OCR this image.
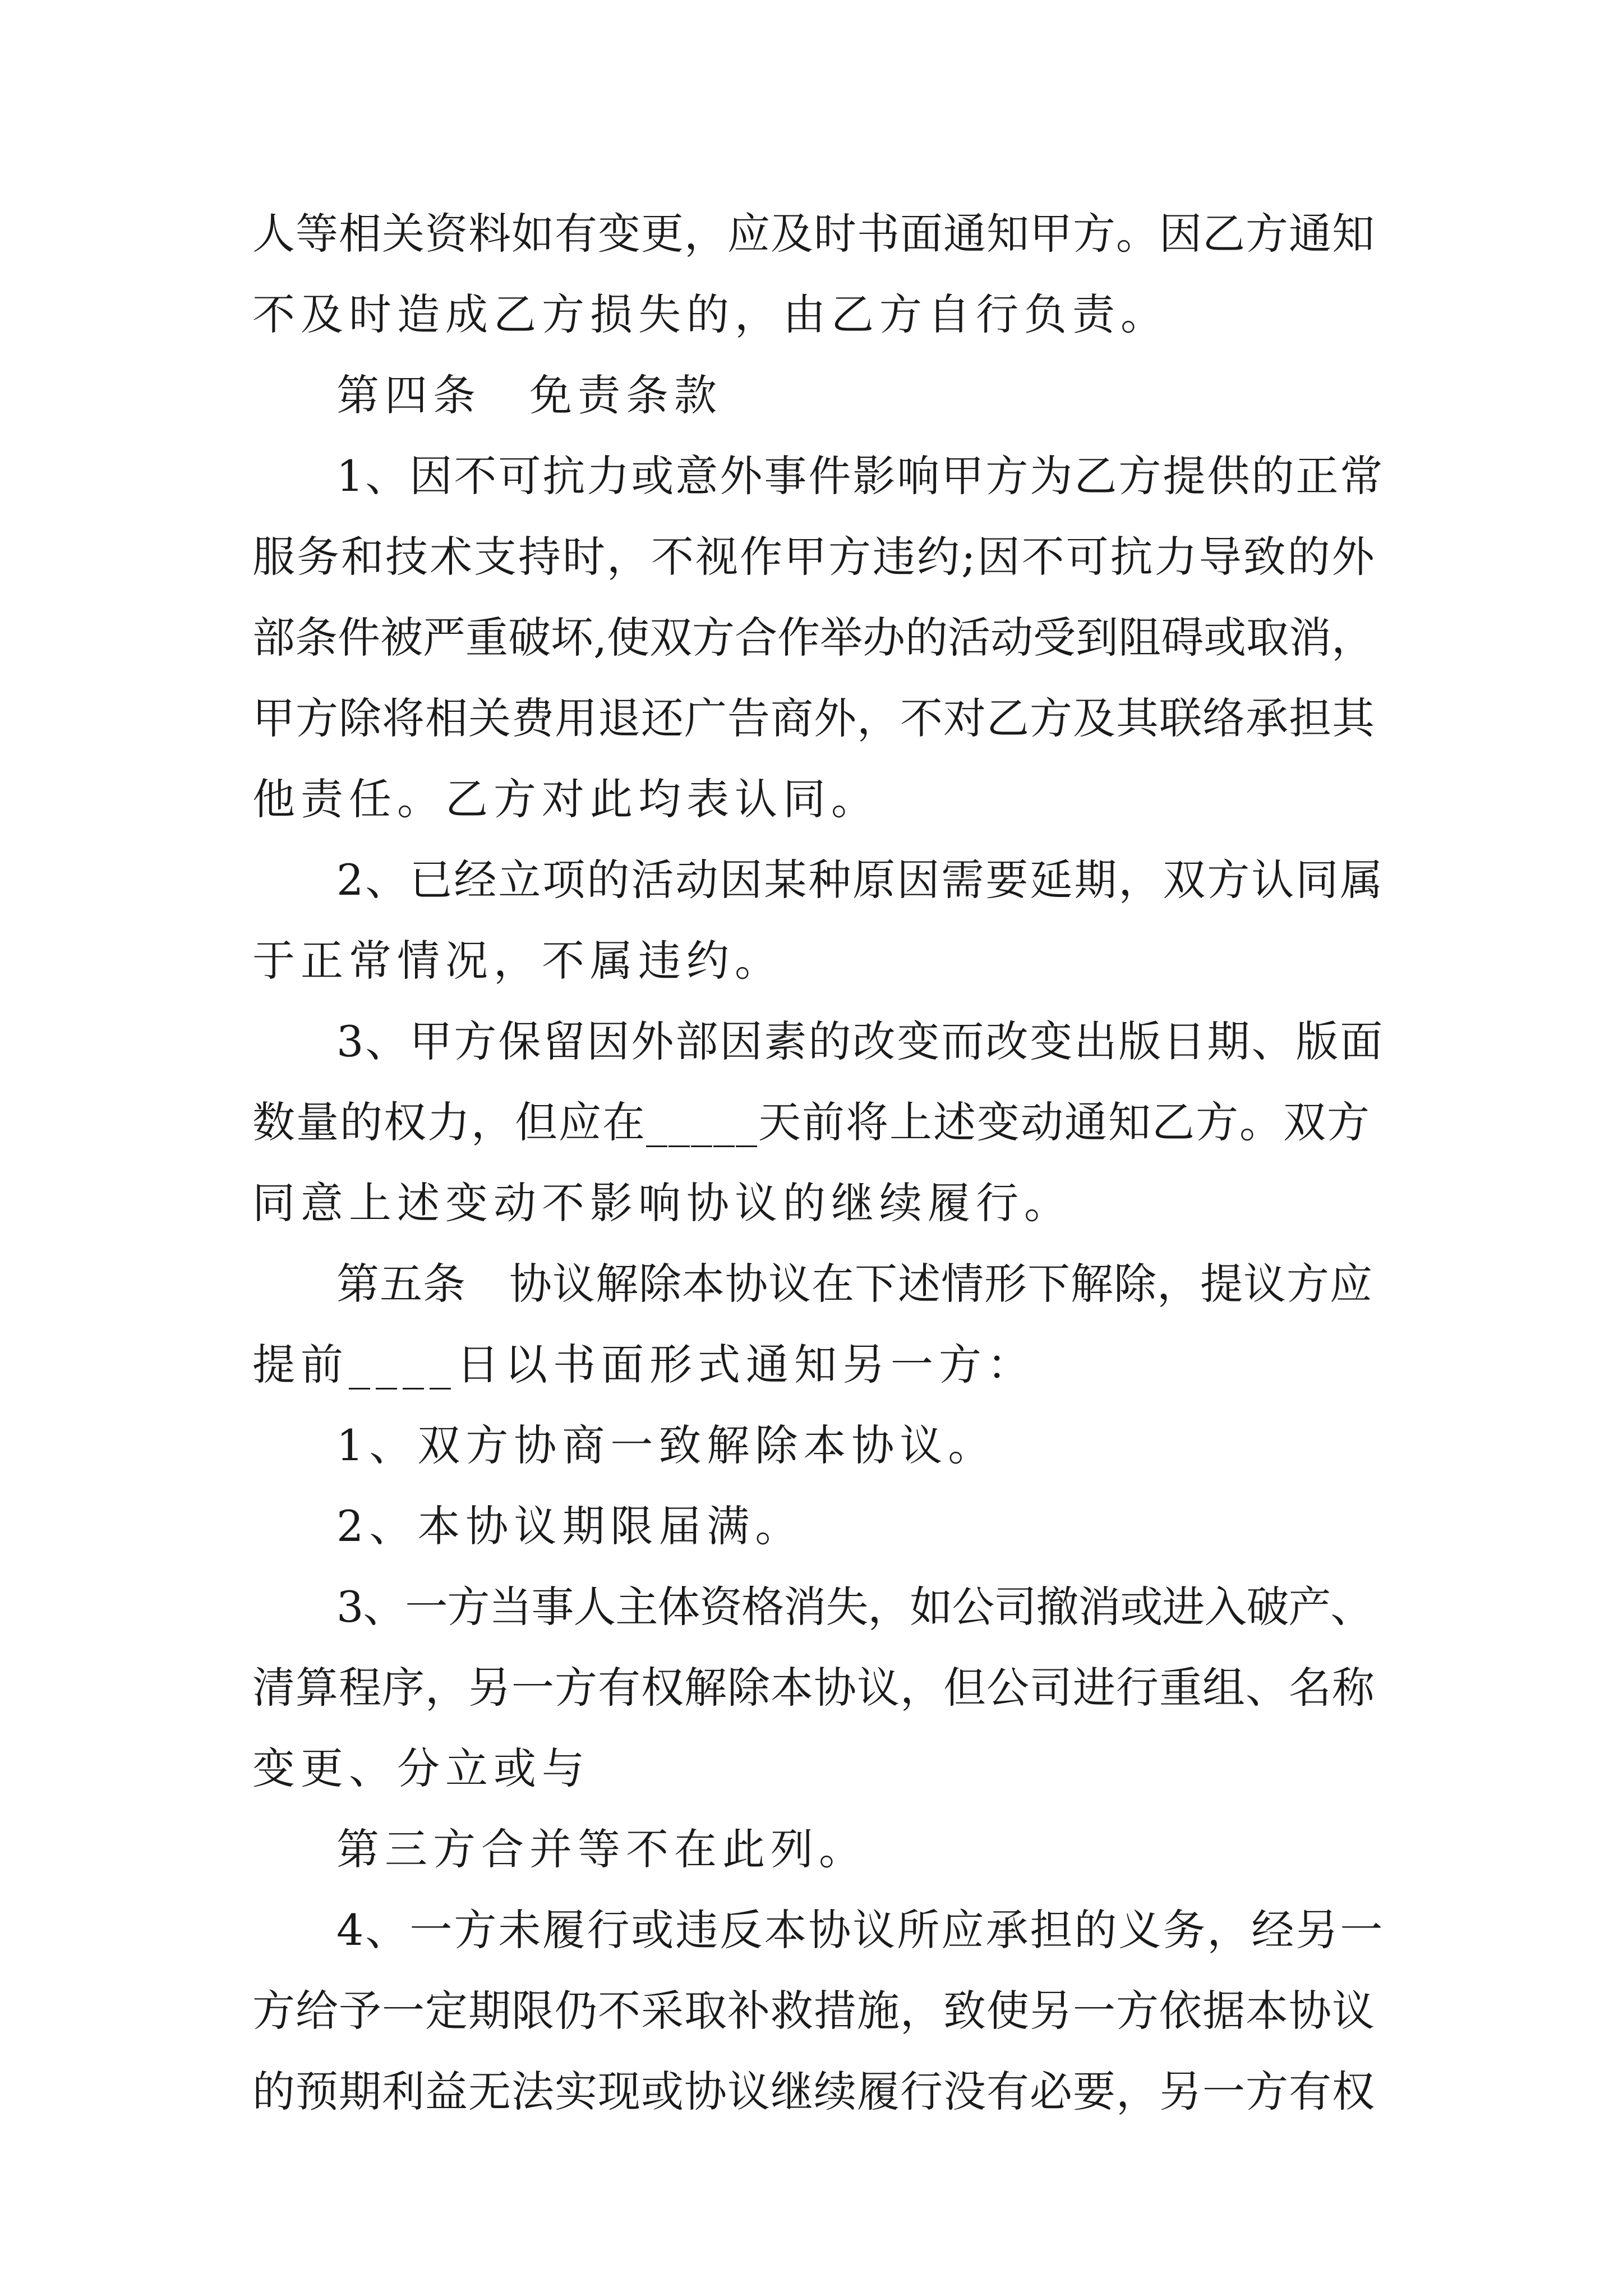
人等相关资料如有变更，应及时书面通知甲方。因乙方通知
不及时造成乙方损失的，由乙方自行负责。
第四条　免责条款
1、因不可抗力或意外事件影响甲方为乙方提供的正常
服务和技术支持时，不视作甲方违约;因不可抗力导致的外
部条件被严重破坏,使双方合作举办的活动受到阻碍或取消，
甲方除将相关费用退还广告商外，不对乙方及其联络承担其
他责任。乙方对此均表认同。
2、已经立项的活动因某种原因需要延期，双方认同属
于正常情况，不属违约。
3、甲方保留因外部因素的改变而改变出版日期、版面
数量的权力，但应在_____天前将上述变动通知乙方。双方
同意上述变动不影响协议的继续履行。
第五条　协议解除本协议在下述情形下解除，提议方应
提前____日以书面形式通知另一方：
1、双方协商一致解除本协议。
2、本协议期限届满。
3、一方当事人主体资格消失，如公司撤消或进入破产、
清算程序，另一方有权解除本协议，但公司进行重组、名称
变更、分立或与
第三方合并等不在此列。
4、一方未履行或违反本协议所应承担的义务，经另一
方给予一定期限仍不采取补救措施，致使另一方依据本协议
的预期利益无法实现或协议继续履行没有必要，另一方有权
